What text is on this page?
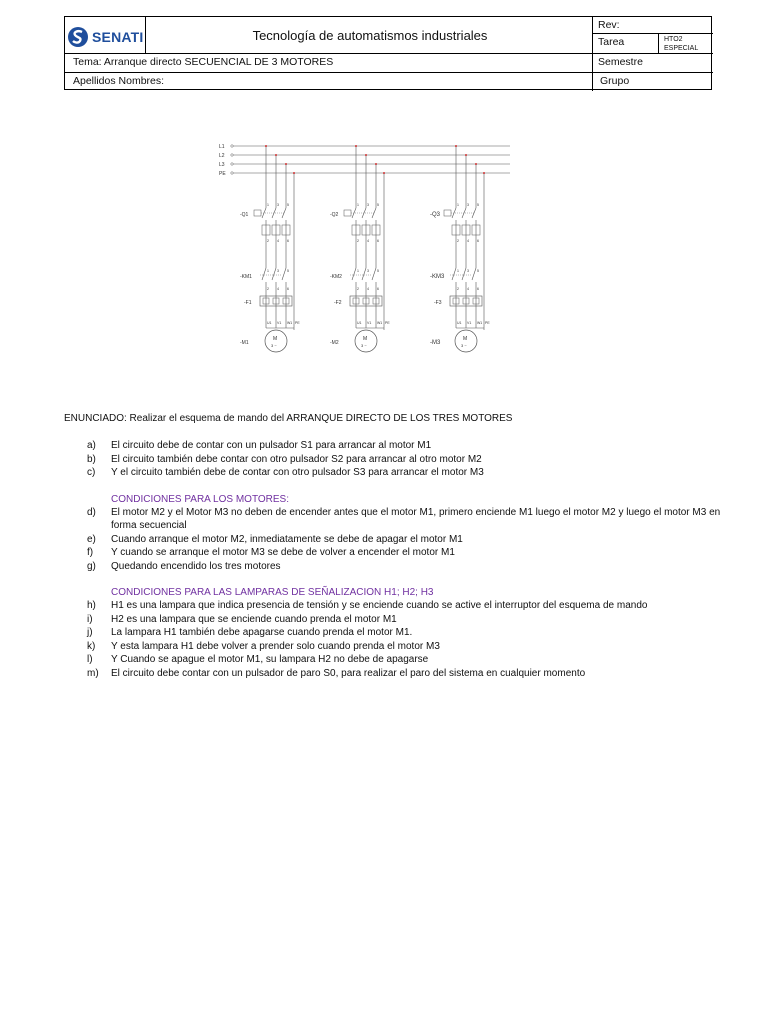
SENATI	Tecnología de automatismos industriales
Rev:
Tarea	HTO2
ESPECIAL
Tema: Arranque directo SECUENCIAL DE 3 MOTORES	Semestre
Apellidos Nombres:	Grupo
L1
L2
L3
PE
-Q1
1
2
3
4
5
6
-KM1
1
2
3
4
5
6
-F1
U1 V1 W1 PE
M
3 ~
-M1
-Q2
1
2
3
4
5
6
-KM2
1
2
3
4
5
6
-F2
U1 V1 W1 PE
M
3 ~
-M2
-Q3
1
2
3
4
5
6
-KM3
1
2
3
4
5
6
-F3
U1 V1 W1 PE
M
3 ~
-M3
ENUNCIADO: Realizar el esquema de mando del ARRANQUE DIRECTO DE LOS TRES MOTORES
a)	El circuito debe de contar con un pulsador S1 para arrancar al motor M1
b)	El circuito también debe contar con otro pulsador S2 para arrancar al otro motor M2
c)	Y el circuito también debe de contar con otro pulsador S3 para arrancar el motor M3
CONDICIONES PARA LOS MOTORES:
d)	El motor M2 y el Motor M3 no deben de encender antes que el motor M1, primero enciende M1 luego el motor M2 y luego el motor M3 en forma secuencial
e)	Cuando arranque el motor M2, inmediatamente se debe de apagar el motor M1
f)	Y cuando se arranque el motor M3 se debe de volver a encender el motor M1
g)	Quedando encendido los tres motores
CONDICIONES PARA LAS LAMPARAS DE SEÑALIZACION H1; H2; H3
h)	H1 es una lampara que indica presencia de tensión y se enciende cuando se active el interruptor del esquema de mando
i)	H2 es una lampara que se enciende cuando prenda el motor M1
j)	La lampara H1 también debe apagarse cuando prenda el motor M1.
k)	Y esta lampara H1 debe volver a prender solo cuando prenda el motor M3
l)	Y Cuando se apague el motor M1, su lampara H2 no debe de apagarse
m)	El circuito debe contar con un pulsador de paro S0, para realizar el paro del sistema en cualquier momento
